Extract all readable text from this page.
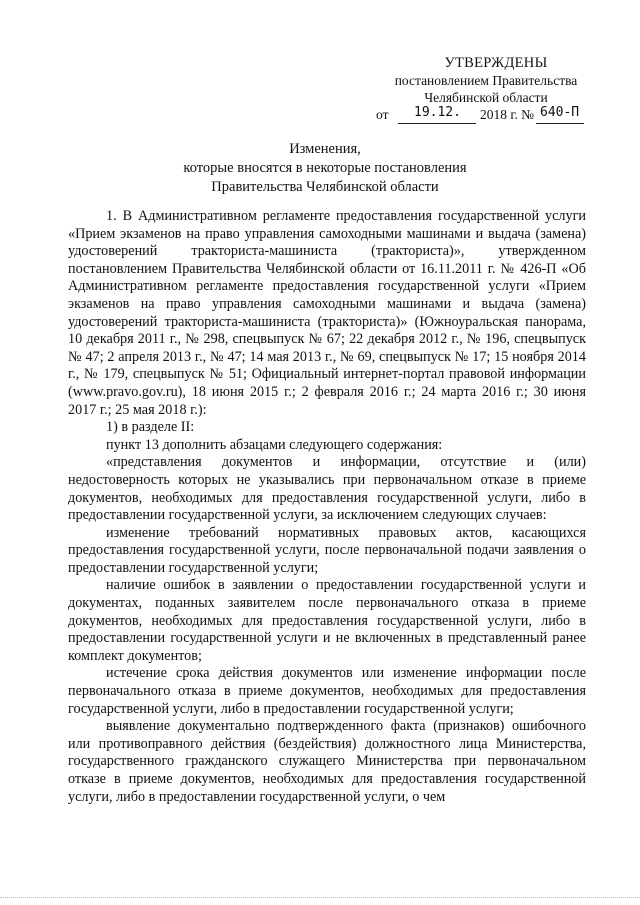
УТВЕРЖДЕНЫ
постановлением Правительства
Челябинской области
от 19.12. 2018 г. № 640-П
Изменения,
которые вносятся в некоторые постановления
Правительства Челябинской области

1. В Административном регламенте предоставления государственной услуги «Прием экзаменов на право управления самоходными машинами и выдача (замена) удостоверений тракториста-машиниста (тракториста)», утвержденном постановлением Правительства Челябинской области от 16.11.2011 г. № 426-П «Об Административном регламенте предоставления государственной услуги «Прием экзаменов на право управления самоходными машинами и выдача (замена) удостоверений тракториста-машиниста (тракториста)» (Южноуральская панорама, 10 декабря 2011 г., № 298, спецвыпуск № 67; 22 декабря 2012 г., № 196, спецвыпуск № 47; 2 апреля 2013 г., № 47; 14 мая 2013 г., № 69, спецвыпуск № 17; 15 ноября 2014 г., № 179, спецвыпуск № 51; Официальный интернет-портал правовой информации (www.pravo.gov.ru), 18 июня 2015 г.; 2 февраля 2016 г.; 24 марта 2016 г.; 30 июня 2017 г.; 25 мая 2018 г.):

1) в разделе II:

пункт 13 дополнить абзацами следующего содержания:

«представления документов и информации, отсутствие и (или) недостоверность которых не указывались при первоначальном отказе в приеме документов, необходимых для предоставления государственной услуги, либо в предоставлении государственной услуги, за исключением следующих случаев:

изменение требований нормативных правовых актов, касающихся предоставления государственной услуги, после первоначальной подачи заявления о предоставлении государственной услуги;

наличие ошибок в заявлении о предоставлении государственной услуги и документах, поданных заявителем после первоначального отказа в приеме документов, необходимых для предоставления государственной услуги, либо в предоставлении государственной услуги и не включенных в представленный ранее комплект документов;

истечение срока действия документов или изменение информации после первоначального отказа в приеме документов, необходимых для предоставления государственной услуги, либо в предоставлении государственной услуги;

выявление документально подтвержденного факта (признаков) ошибочного или противоправного действия (бездействия) должностного лица Министерства, государственного гражданского служащего Министерства при первоначальном отказе в приеме документов, необходимых для предоставления государственной услуги, либо в предоставлении государственной услуги, о чем
